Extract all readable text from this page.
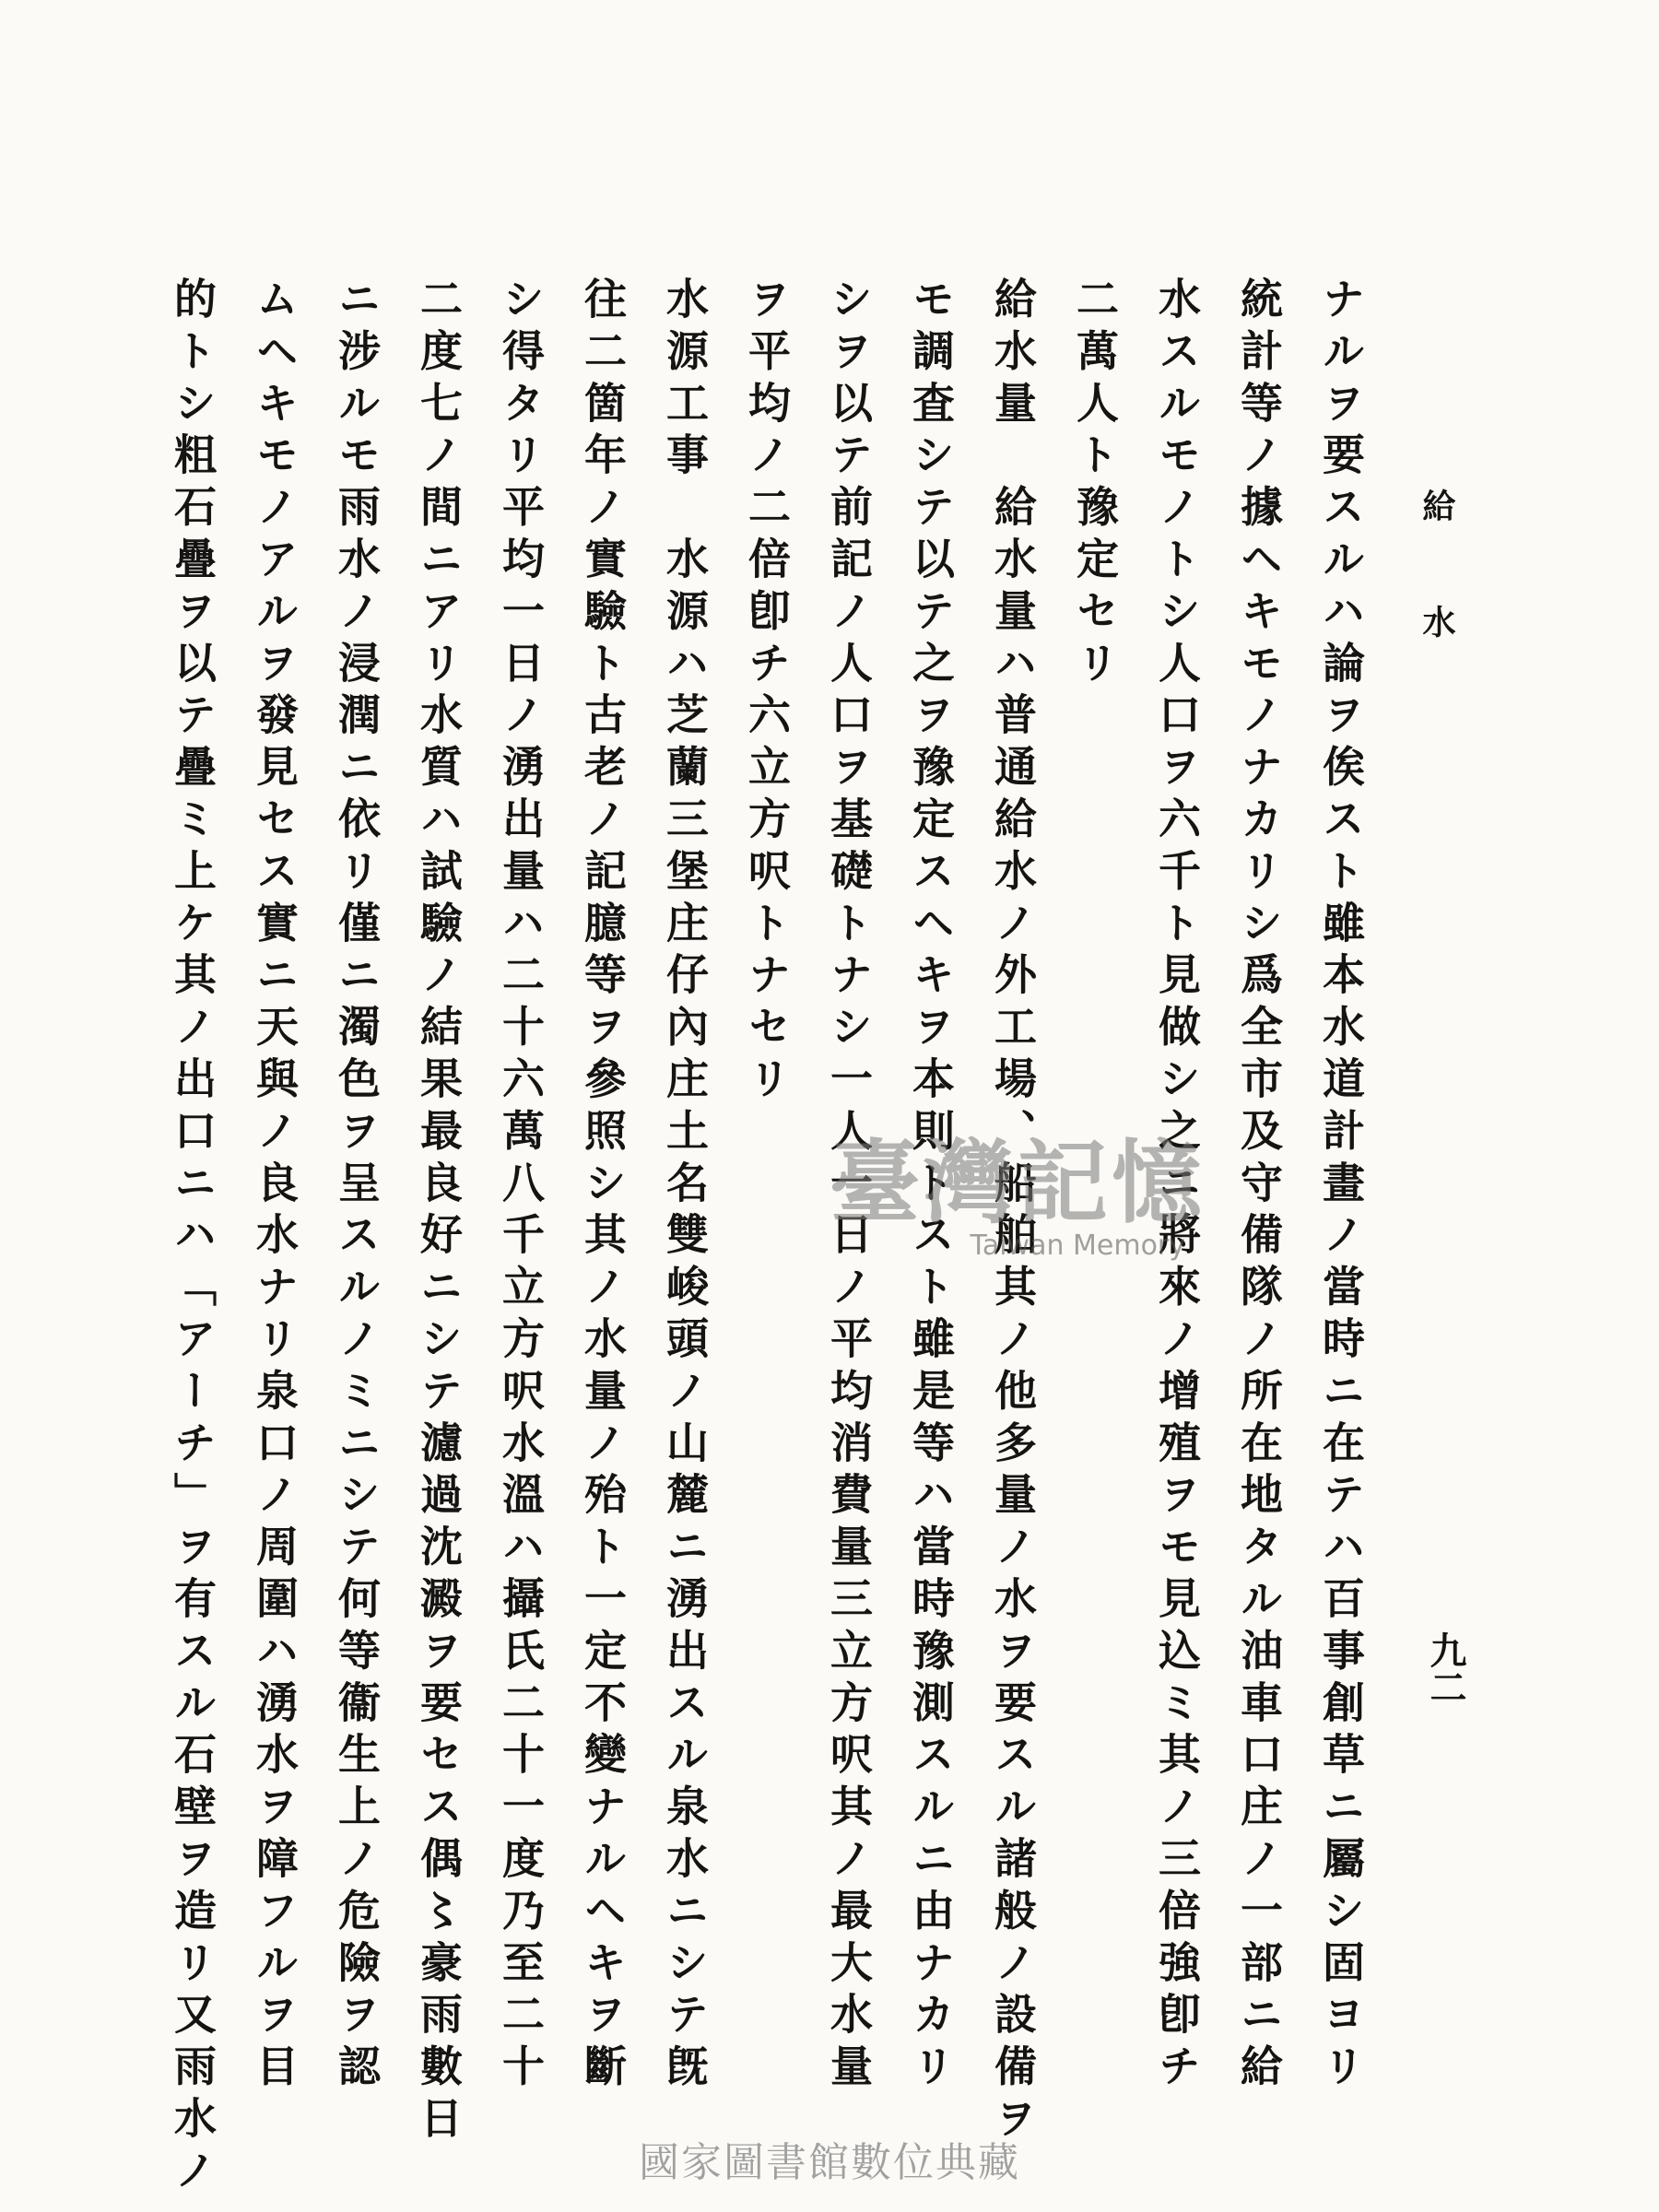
給 水
九二
ナルヲ要スルハ論ヲ俟スト雖本水道計畫ノ當時ニ在テハ百事創草ニ屬シ固ヨリ
統計等ノ據ヘキモノナカリシ爲全市及守備隊ノ所在地タル油車口庄ノ一部ニ給
水スルモノトシ人口ヲ六千ト見做シ之ニ將來ノ增殖ヲモ見込ミ其ノ三倍強卽チ
二萬人ト豫定セリ
給水量　給水量ハ普通給水ノ外工場、船舶其ノ他多量ノ水ヲ要スル諸般ノ設備ヲ
モ調査シテ以テ之ヲ豫定スヘキヲ本則トスト雖是等ハ當時豫測スルニ由ナカリ
シヲ以テ前記ノ人口ヲ基礎トナシ一人一日ノ平均消費量三立方呎其ノ最大水量
ヲ平均ノ二倍卽チ六立方呎トナセリ
水源工事　水源ハ芝蘭三堡庄仔內庄土名雙峻頭ノ山麓ニ湧出スル泉水ニシテ旣
往二箇年ノ實驗ト古老ノ記臆等ヲ參照シ其ノ水量ノ殆ト一定不變ナルヘキヲ斷
シ得タリ平均一日ノ湧出量ハ二十六萬八千立方呎水溫ハ攝氏二十一度乃至二十
二度七ノ間ニアリ水質ハ試驗ノ結果最良好ニシテ濾過沈澱ヲ要セス偶〻豪雨數日
ニ涉ルモ雨水ノ浸潤ニ依リ僅ニ濁色ヲ呈スルノミニシテ何等衞生上ノ危險ヲ認
ムヘキモノアルヲ發見セス實ニ天與ノ良水ナリ泉口ノ周圍ハ湧水ヲ障フルヲ目
的トシ粗石疊ヲ以テ疊ミ上ケ其ノ出口ニハ「アーチ」ヲ有スル石壁ヲ造リ又雨水ノ	臺灣記憶
Taiwan Memory
國家圖書館數位典藏
